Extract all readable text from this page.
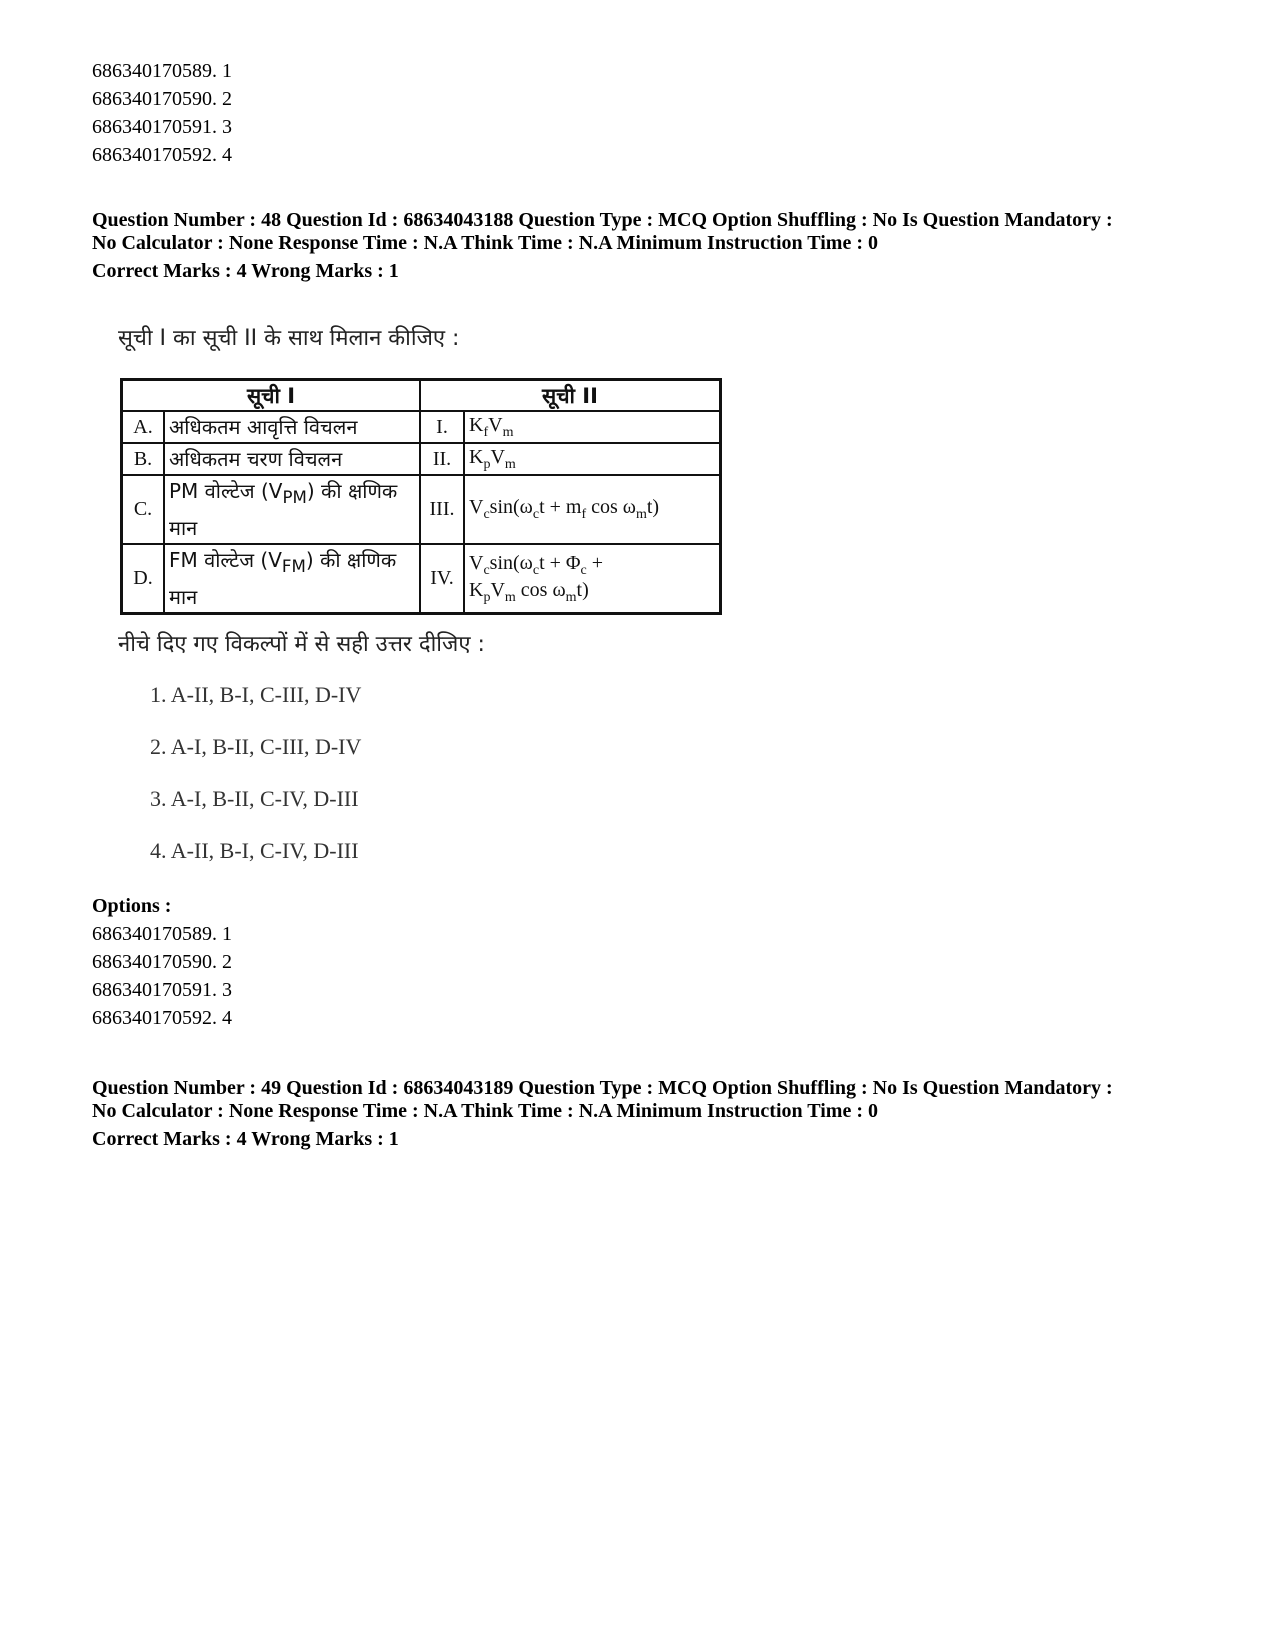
686340170589. 1
686340170590. 2
686340170591. 3
686340170592. 4
Question Number : 48 Question Id : 68634043188 Question Type : MCQ Option Shuffling : No Is Question Mandatory :
No Calculator : None Response Time : N.A Think Time : N.A Minimum Instruction Time : 0
Correct Marks : 4 Wrong Marks : 1
सूची I का सूची II के साथ मिलान कीजिए :
सूची I		सूची II	
A.	अधिकतम आवृत्ति विचलन	I.	$K_fV_m$
B.	अधिकतम चरण विचलन	II.	$K_pV_m$
C.	PM वोल्टेज $(V_{PM})$ की क्षणिक मान	III.	$V_c\sin(\omega_ct + m_f$ $\cos \omega_mt$)
D.	FM वोल्टेज $(V_{FM})$ की क्षणिक मान	IV.	$V_c\sin(\omega_ct + \Phi_c$ +
$K_pV_m$ $\cos \omega_mt$)
नीचे दिए गए विकल्पों में से सही उत्तर दीजिए :
1. A-II, B-I, C-III, D-IV
2. A-I, B-II, C-III, D-IV
3. A-I, B-II, C-IV, D-III
4. A-II, B-I, C-IV, D-III
Options :
686340170589. 1
686340170590. 2
686340170591. 3
686340170592. 4
Question Number : 49 Question Id : 68634043189 Question Type : MCQ Option Shuffling : No Is Question Mandatory :
No Calculator : None Response Time : N.A Think Time : N.A Minimum Instruction Time : 0
Correct Marks : 4 Wrong Marks : 1
